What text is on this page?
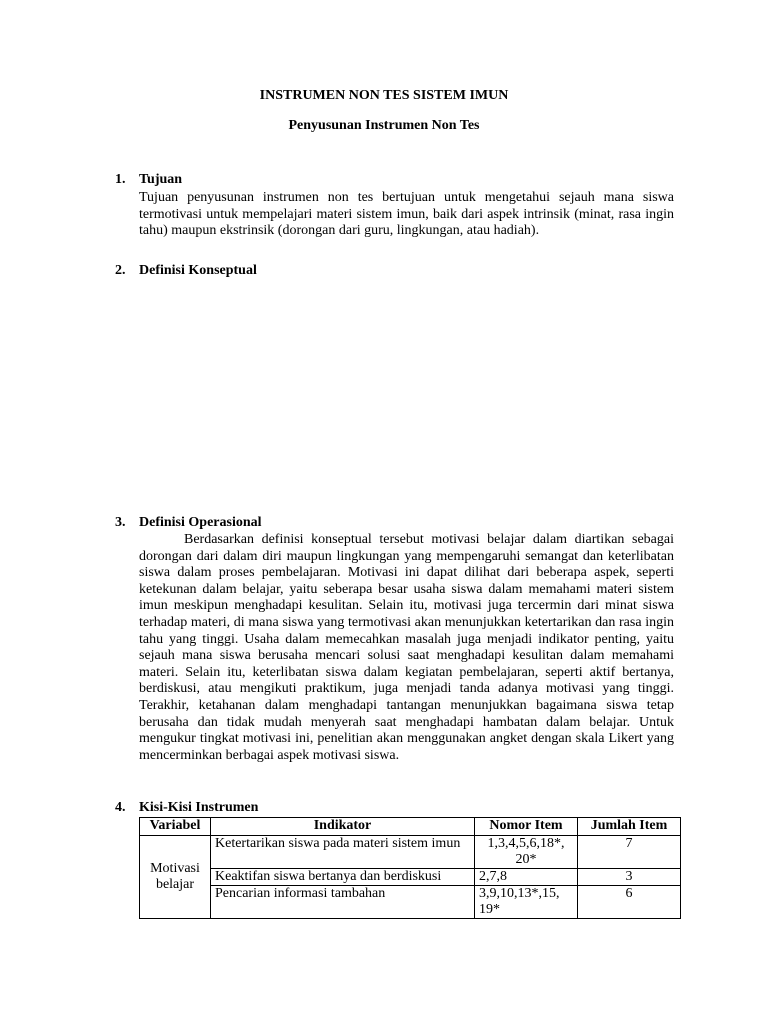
INSTRUMEN NON TES SISTEM IMUN
Penyusunan Instrumen Non Tes
1. Tujuan

Tujuan penyusunan instrumen non tes bertujuan untuk mengetahui sejauh mana siswa termotivasi untuk mempelajari materi sistem imun, baik dari aspek intrinsik (minat, rasa ingin tahu) maupun ekstrinsik (dorongan dari guru, lingkungan, atau hadiah).

2. Definisi Konseptual
3. Definisi Operasional

Berdasarkan definisi konseptual tersebut motivasi belajar dalam diartikan sebagai dorongan dari dalam diri maupun lingkungan yang mempengaruhi semangat dan keterlibatan siswa dalam proses pembelajaran. Motivasi ini dapat dilihat dari beberapa aspek, seperti ketekunan dalam belajar, yaitu seberapa besar usaha siswa dalam memahami materi sistem imun meskipun menghadapi kesulitan. Selain itu, motivasi juga tercermin dari minat siswa terhadap materi, di mana siswa yang termotivasi akan menunjukkan ketertarikan dan rasa ingin tahu yang tinggi. Usaha dalam memecahkan masalah juga menjadi indikator penting, yaitu sejauh mana siswa berusaha mencari solusi saat menghadapi kesulitan dalam memahami materi. Selain itu, keterlibatan siswa dalam kegiatan pembelajaran, seperti aktif bertanya, berdiskusi, atau mengikuti praktikum, juga menjadi tanda adanya motivasi yang tinggi. Terakhir, ketahanan dalam menghadapi tantangan menunjukkan bagaimana siswa tetap berusaha dan tidak mudah menyerah saat menghadapi hambatan dalam belajar. Untuk mengukur tingkat motivasi ini, penelitian akan menggunakan angket dengan skala Likert yang mencerminkan berbagai aspek motivasi siswa.

4. Kisi-Kisi Instrumen
Variabel	Indikator	Nomor Item	Jumlah Item
Motivasi belajar	Ketertarikan siswa pada materi sistem imun	1,3,4,5,6,18*, 20*	7
	Keaktifan siswa bertanya dan berdiskusi	2,7,8	3
	Pencarian informasi tambahan	3,9,10,13*,15, 19*	6
